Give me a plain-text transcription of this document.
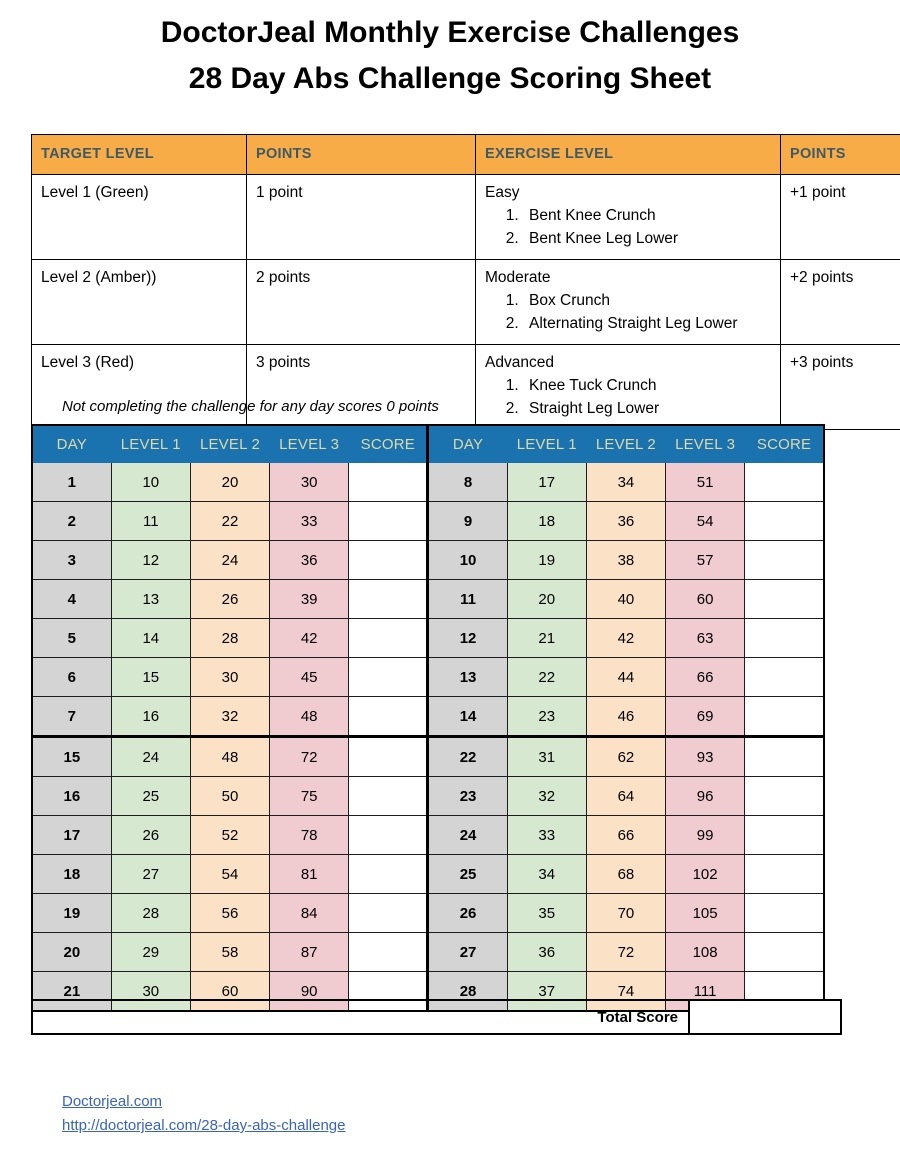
DoctorJeal Monthly Exercise Challenges
28 Day Abs Challenge Scoring Sheet
TARGET LEVEL	POINTS	EXERCISE LEVEL	POINTS
Level 1 (Green)	1 point	Easy
1. Bent Knee Crunch
2. Bent Knee Leg Lower
	+1 point
Level 2 (Amber))	2 points	Moderate
1. Box Crunch
2. Alternating Straight Leg Lower
	+2 points
Level 3 (Red)	3 points	Advanced
1. Knee Tuck Crunch
2. Straight Leg Lower
	+3 points
Not completing the challenge for any day scores 0 points
DAY	LEVEL 1	LEVEL 2	LEVEL 3	SCORE	DAY	LEVEL 1	LEVEL 2	LEVEL 3	SCORE
1	10	20	30		8	17	34	51	
2	11	22	33		9	18	36	54	
3	12	24	36		10	19	38	57	
4	13	26	39		11	20	40	60	
5	14	28	42		12	21	42	63	
6	15	30	45		13	22	44	66	
7	16	32	48		14	23	46	69	
15	24	48	72		22	31	62	93	
16	25	50	75		23	32	64	96	
17	26	52	78		24	33	66	99	
18	27	54	81		25	34	68	102	
19	28	56	84		26	35	70	105	
20	29	58	87		27	36	72	108	
21	30	60	90		28	37	74	111	
Total Score	
Doctorjeal.com
http://doctorjeal.com/28-day-abs-challenge
